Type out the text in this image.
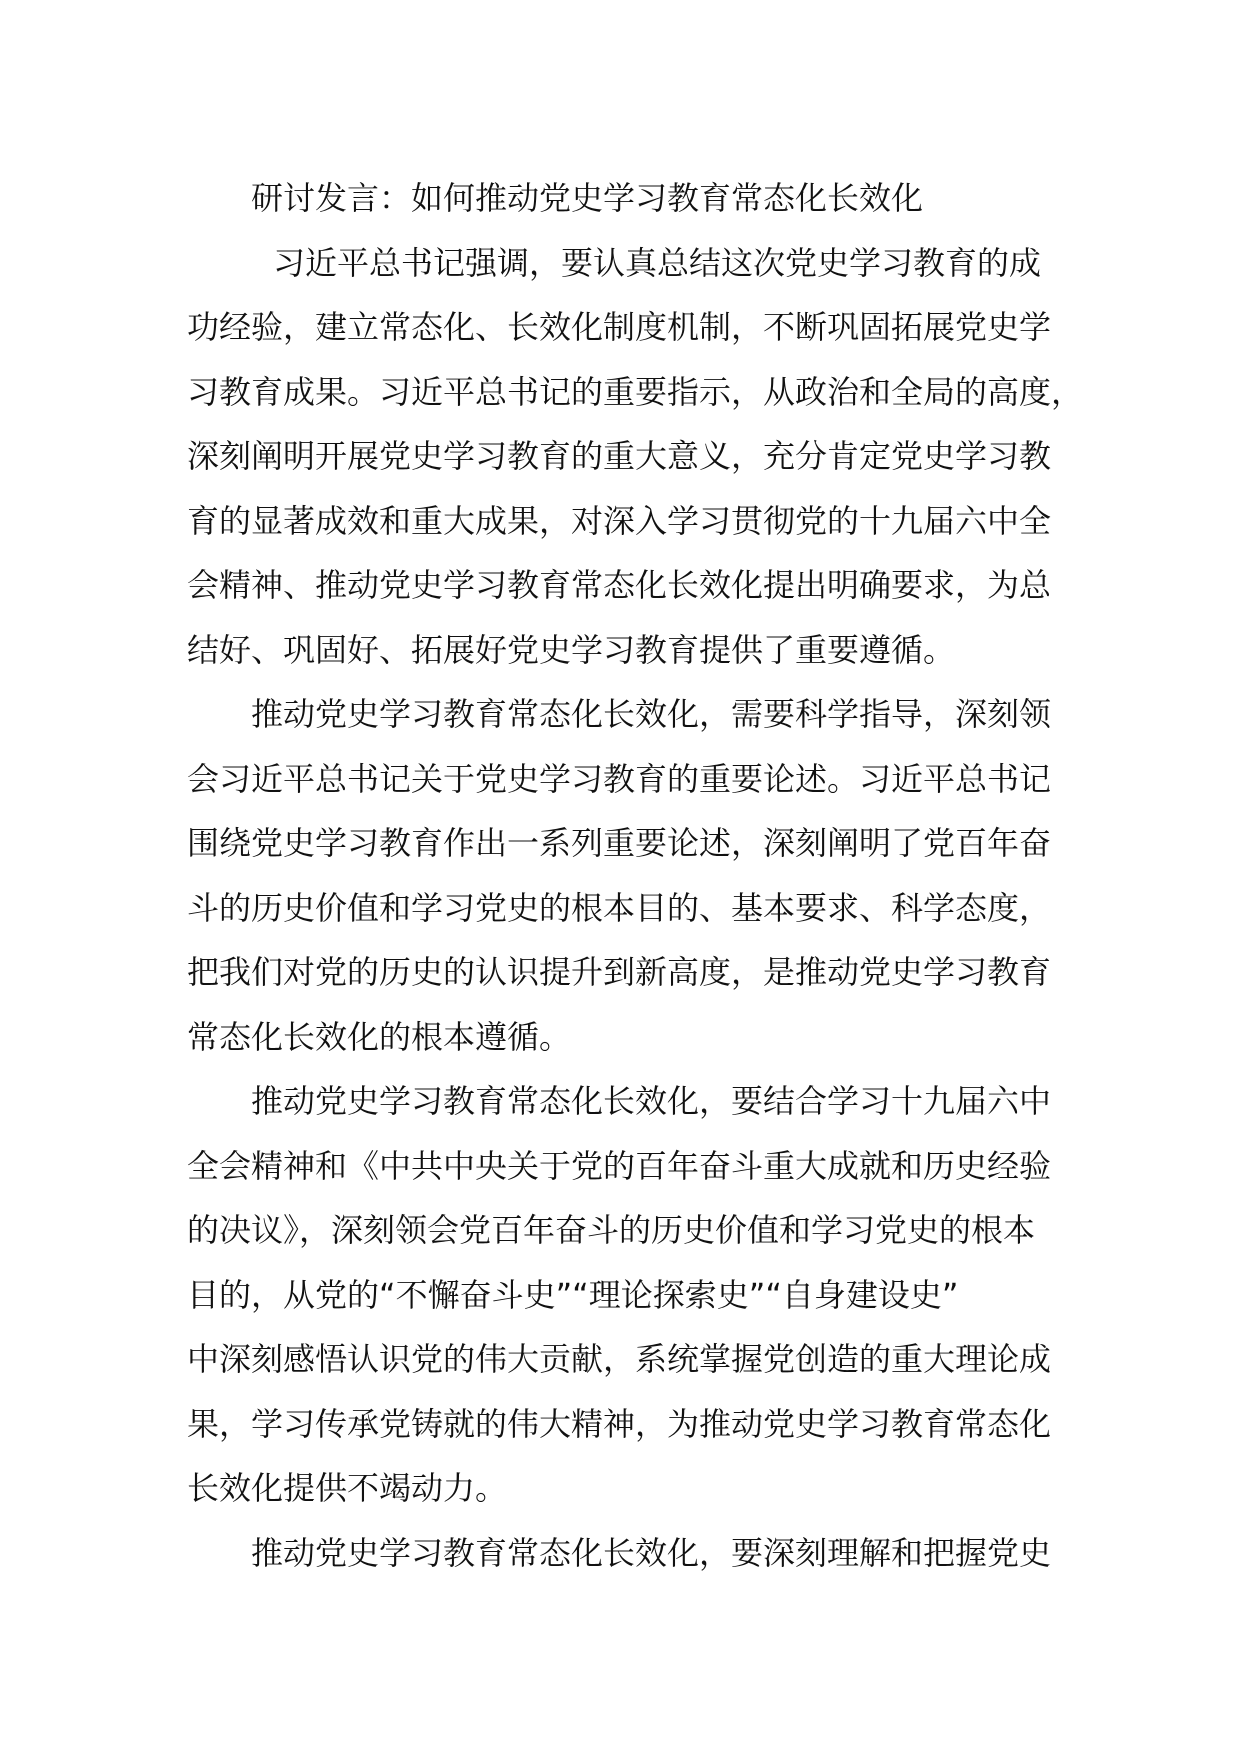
研讨发言：如何推动党史学习教育常态化长效化

习近平总书记强调，要认真总结这次党史学习教育的成
功经验，建立常态化、长效化制度机制，不断巩固拓展党史学
习教育成果。习近平总书记的重要指示，从政治和全局的高度，
深刻阐明开展党史学习教育的重大意义，充分肯定党史学习教
育的显著成效和重大成果，对深入学习贯彻党的十九届六中全
会精神、推动党史学习教育常态化长效化提出明确要求，为总
结好、巩固好、拓展好党史学习教育提供了重要遵循。

推动党史学习教育常态化长效化，需要科学指导，深刻领
会习近平总书记关于党史学习教育的重要论述。习近平总书记
围绕党史学习教育作出一系列重要论述，深刻阐明了党百年奋
斗的历史价值和学习党史的根本目的、基本要求、科学态度，
把我们对党的历史的认识提升到新高度，是推动党史学习教育
常态化长效化的根本遵循。

推动党史学习教育常态化长效化，要结合学习十九届六中
全会精神和《中共中央关于党的百年奋斗重大成就和历史经验
的决议》，深刻领会党百年奋斗的历史价值和学习党史的根本
目的，从党的“不懈奋斗史”“理论探索史”“自身建设史”
中深刻感悟认识党的伟大贡献，系统掌握党创造的重大理论成
果，学习传承党铸就的伟大精神，为推动党史学习教育常态化
长效化提供不竭动力。

推动党史学习教育常态化长效化，要深刻理解和把握党史
